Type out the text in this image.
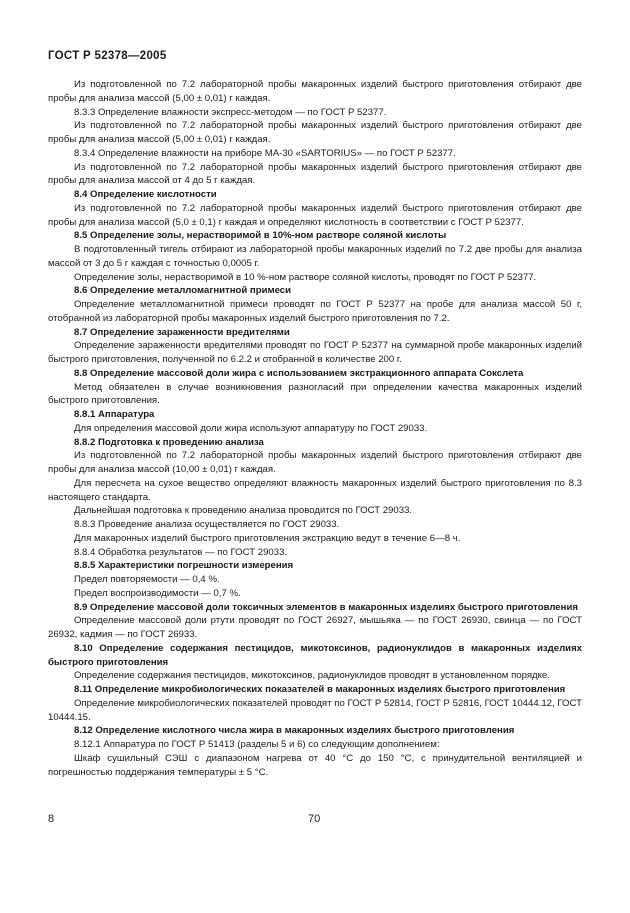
ГОСТ Р 52378—2005

Из подготовленной по 7.2 лабораторной пробы макаронных изделий быстрого приготовления отбирают две пробы для анализа массой (5,00 ± 0,01) г каждая.

8.3.3 Определение влажности экспресс-методом — по ГОСТ Р 52377.

Из подготовленной по 7.2 лабораторной пробы макаронных изделий быстрого приготовления отбирают две пробы для анализа массой (5,00 ± 0,01) г каждая.

8.3.4 Определение влажности на приборе МА-30 «SARTORIUS» — по ГОСТ Р 52377.

Из подготовленной по 7.2 лабораторной пробы макаронных изделий быстрого приготовления отбирают две пробы для анализа массой от 4 до 5 г каждая.

8.4 Определение кислотности

Из подготовленной по 7.2 лабораторной пробы макаронных изделий быстрого приготовления отбирают две пробы для анализа массой (5,0 ± 0,1) г каждая и определяют кислотность в соответствии с ГОСТ Р 52377.

8.5 Определение золы, нерастворимой в 10%-ном растворе соляной кислоты

В подготовленный тигель отбирают из лабораторной пробы макаронных изделий по 7.2 две пробы для анализа массой от 3 до 5 г каждая с точностью 0,0005 г.

Определение золы, нерастворимой в 10 %-ном растворе соляной кислоты, проводят по ГОСТ Р 52377.

8.6 Определение металломагнитной примеси

Определение металломагнитной примеси проводят по ГОСТ Р 52377 на пробе для анализа массой 50 г, отобранной из лабораторной пробы макаронных изделий быстрого приготовления по 7.2.

8.7 Определение зараженности вредителями

Определение зараженности вредителями проводят по ГОСТ Р 52377 на суммарной пробе макаронных изделий быстрого приготовления, полученной по 6.2.2 и отобранной в количестве 200 г.

8.8 Определение массовой доли жира с использованием экстракционного аппарата Сокслета

Метод обязателен в случае возникновения разногласий при определении качества макаронных изделий быстрого приготовления.

8.8.1 Аппаратура

Для определения массовой доли жира используют аппаратуру по ГОСТ 29033.

8.8.2 Подготовка к проведению анализа

Из подготовленной по 7.2 лабораторной пробы макаронных изделий быстрого приготовления отбирают две пробы для анализа массой (10,00 ± 0,01) г каждая.

Для пересчета на сухое вещество определяют влажность макаронных изделий быстрого приготовления по 8.3 настоящего стандарта.

Дальнейшая подготовка к проведению анализа проводится по ГОСТ 29033.

8.8.3 Проведение анализа осуществляется по ГОСТ 29033.

Для макаронных изделий быстрого приготовления экстракцию ведут в течение 6—8 ч.

8.8.4 Обработка результатов — по ГОСТ 29033.

8.8.5 Характеристики погрешности измерения

Предел повторяемости — 0,4 %.

Предел воспроизводимости — 0,7 %.

8.9 Определение массовой доли токсичных элементов в макаронных изделиях быстрого приготовления

Определение массовой доли ртути проводят по ГОСТ 26927, мышьяка — по ГОСТ 26930, свинца — по ГОСТ 26932, кадмия — по ГОСТ 26933.

8.10 Определение содержания пестицидов, микотоксинов, радионуклидов в макаронных изделиях быстрого приготовления

Определение содержания пестицидов, микотоксинов, радионуклидов проводят в установленном порядке.

8.11 Определение микробиологических показателей в макаронных изделиях быстрого приготовления

Определение микробиологических показателей проводят по ГОСТ Р 52814, ГОСТ Р 52816, ГОСТ 10444.12, ГОСТ 10444.15.

8.12 Определение кислотного числа жира в макаронных изделиях быстрого приготовления

8.12.1 Аппаратура по ГОСТ Р 51413 (разделы 5 и 6) со следующим дополнением:

Шкаф сушильный СЭШ с диапазоном нагрева от 40 °С до 150 °С, с принудительной вентиляцией и погрешностью поддержания температуры ± 5 °С.

8	70
